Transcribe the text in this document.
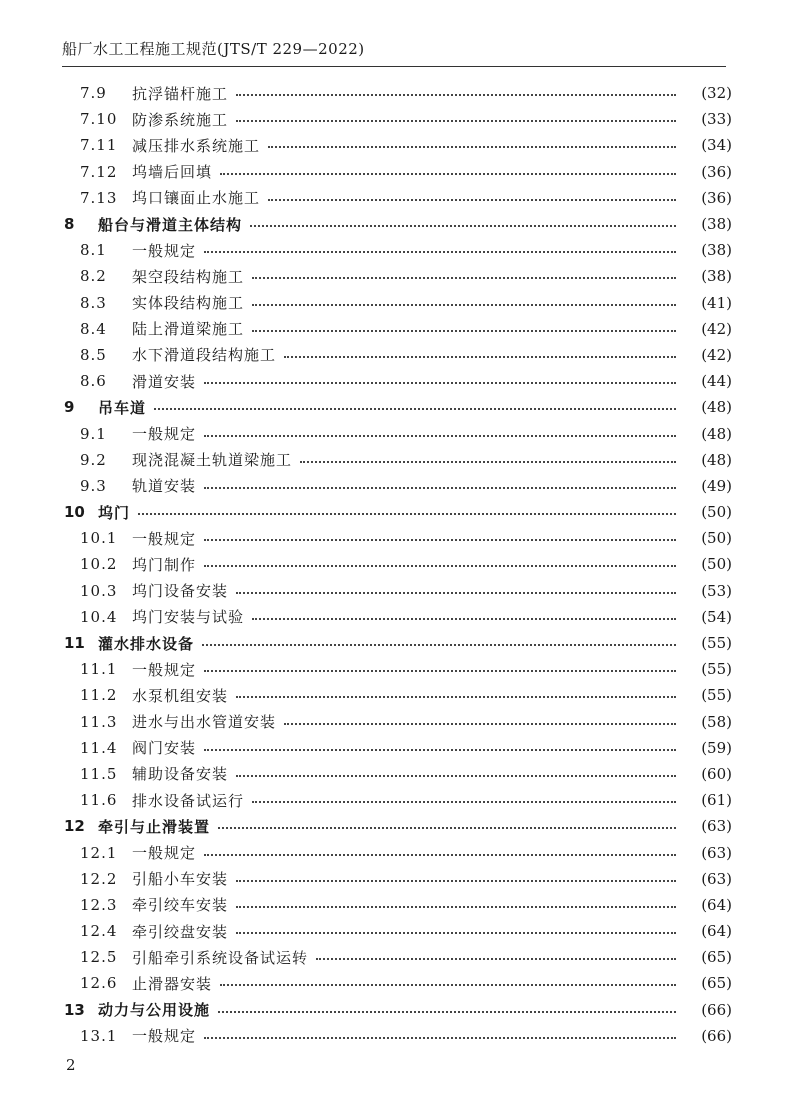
船厂水工工程施工规范(JTS/T 229—2022)
7.9	抗浮锚杆施工	(32)
7.10 防渗系统施工	(33)
7.11 减压排水系统施工	(34)
7.12 坞墙后回填	(36)
7.13 坞口镶面止水施工	(36)
8	船台与滑道主体结构	(38)
8.1	一般规定	(38)
8.2	架空段结构施工	(38)
8.3	实体段结构施工	(41)
8.4	陆上滑道梁施工	(42)
8.5	水下滑道段结构施工	(42)
8.6	滑道安装	(44)
9	吊车道	(48)
9.1	一般规定	(48)
9.2	现浇混凝土轨道梁施工	(48)
9.3	轨道安装	(49)
10 坞门	(50)
10.1 一般规定	(50)
10.2 坞门制作	(50)
10.3 坞门设备安装	(53)
10.4 坞门安装与试验	(54)
11 灌水排水设备	(55)
11.1 一般规定	(55)
11.2 水泵机组安装	(55)
11.3 进水与出水管道安装	(58)
11.4 阀门安装	(59)
11.5 辅助设备安装	(60)
11.6 排水设备试运行	(61)
12 牵引与止滑装置	(63)
12.1 一般规定	(63)
12.2 引船小车安装	(63)
12.3 牵引绞车安装	(64)
12.4 牵引绞盘安装	(64)
12.5 引船牵引系统设备试运转	(65)
12.6 止滑器安装	(65)
13 动力与公用设施	(66)
13.1 一般规定	(66)
2
